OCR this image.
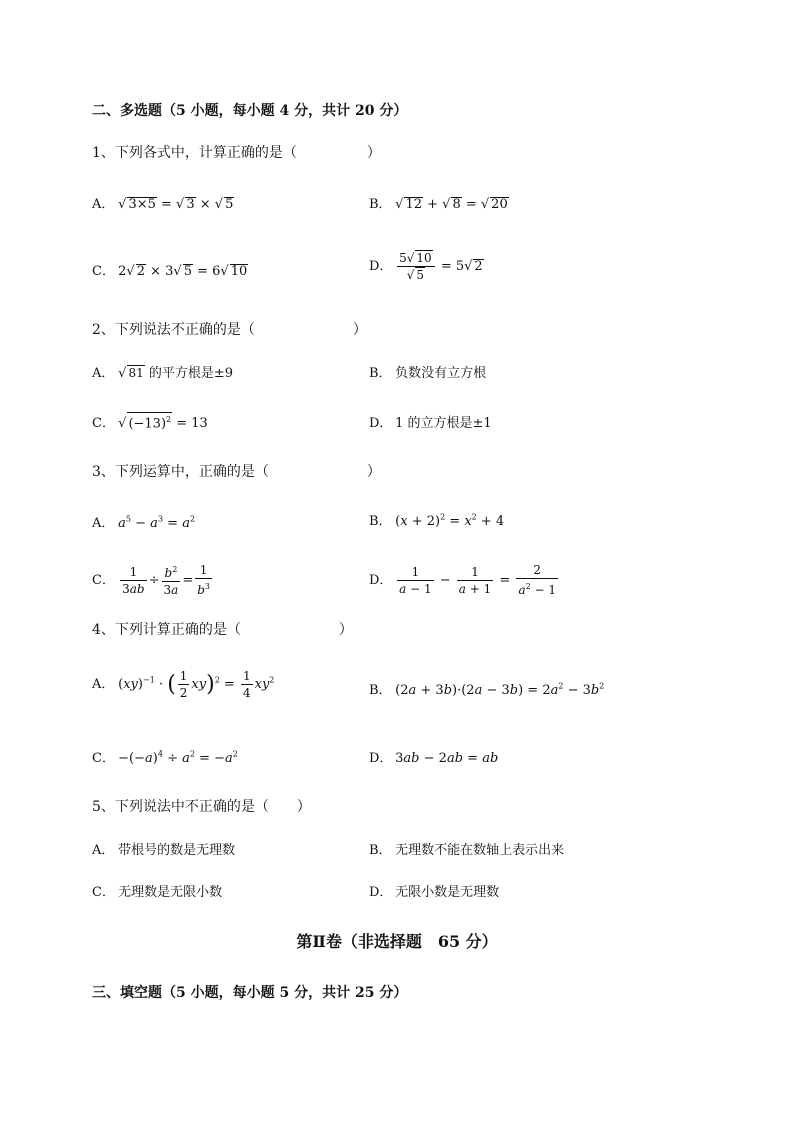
二、多选题（5 小题，每小题 4 分，共计 20 分）
1、下列各式中，计算正确的是（　　　　　）
A． √ 3×5 = √ 3 × √ 5	B． √ 12 + √ 8 = √ 20
C． 2√ 2 × 3√ 5 = 6√ 10	D． $\frac{5√ 10}{√ 5} = 5√$ 2
2、下列说法不正确的是（　　　　　　　）
A． √ 81 的平方根是±9	B． 负数没有立方根
C． √ $(-13)^2 = 13$	D． 1 的立方根是±1
3、下列运算中，正确的是（　　　　　　　）
A． $a^5 - a^3 = a^2$	B． $(x + 2)^2 = x^2 + 4$
C． $\frac{1}{3ab} \div \frac{b^2}{3a} = \frac{1}{b^3}$	D． $\frac{1}{a - 1} - \frac{1}{a + 1} = \frac{2}{a^2 - 1}$
4、下列计算正确的是（　　　　　　　）
A． (xy)$^{-1}$ · ( $\frac{1}{2} xy)^2 = \frac{1}{4} xy^2$
B． $(2a + 3b)\cdot(2a - 3b) = 2a^2 - 3b^2$
C． $-(-a)^4 \div a^2 = -a^2$	D． 3ab − 2ab = ab
5、下列说法中不正确的是（　　）
A． 带根号的数是无理数	B． 无理数不能在数轴上表示出来
C． 无理数是无限小数	D． 无限小数是无理数
第Ⅱ卷（非选择题　65 分）
三、填空题（5 小题，每小题 5 分，共计 25 分）
